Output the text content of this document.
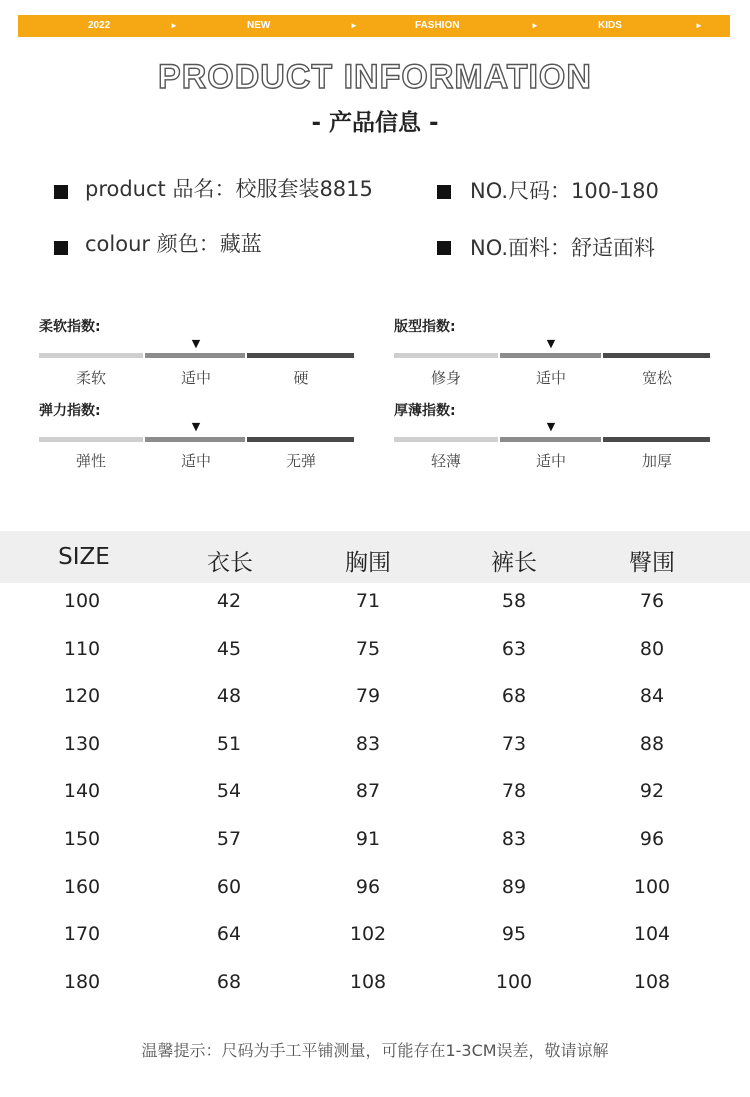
2022	►	NEW	►	FASHION	►	KIDS	►
PRODUCT INFORMATION
- 产品信息 -
product 品名：校服套装8815	NO.尺码：100-180
colour 颜色：藏蓝	NO.面料：舒适面料
柔软指数:
▼
柔软	适中	硬
版型指数:
▼
修身	适中	宽松
弹力指数:
▼
弹性	适中	无弹
厚薄指数:
▼
轻薄	适中	加厚
SIZE	衣长	胸围	裤长	臀围
100	42	71	58	76
110	45	75	63	80
120	48	79	68	84
130	51	83	73	88
140	54	87	78	92
150	57	91	83	96
160	60	96	89	100
170	64	102	95	104
180	68	108	100	108
温馨提示：尺码为手工平铺测量，可能存在1-3CM误差，敬请谅解
